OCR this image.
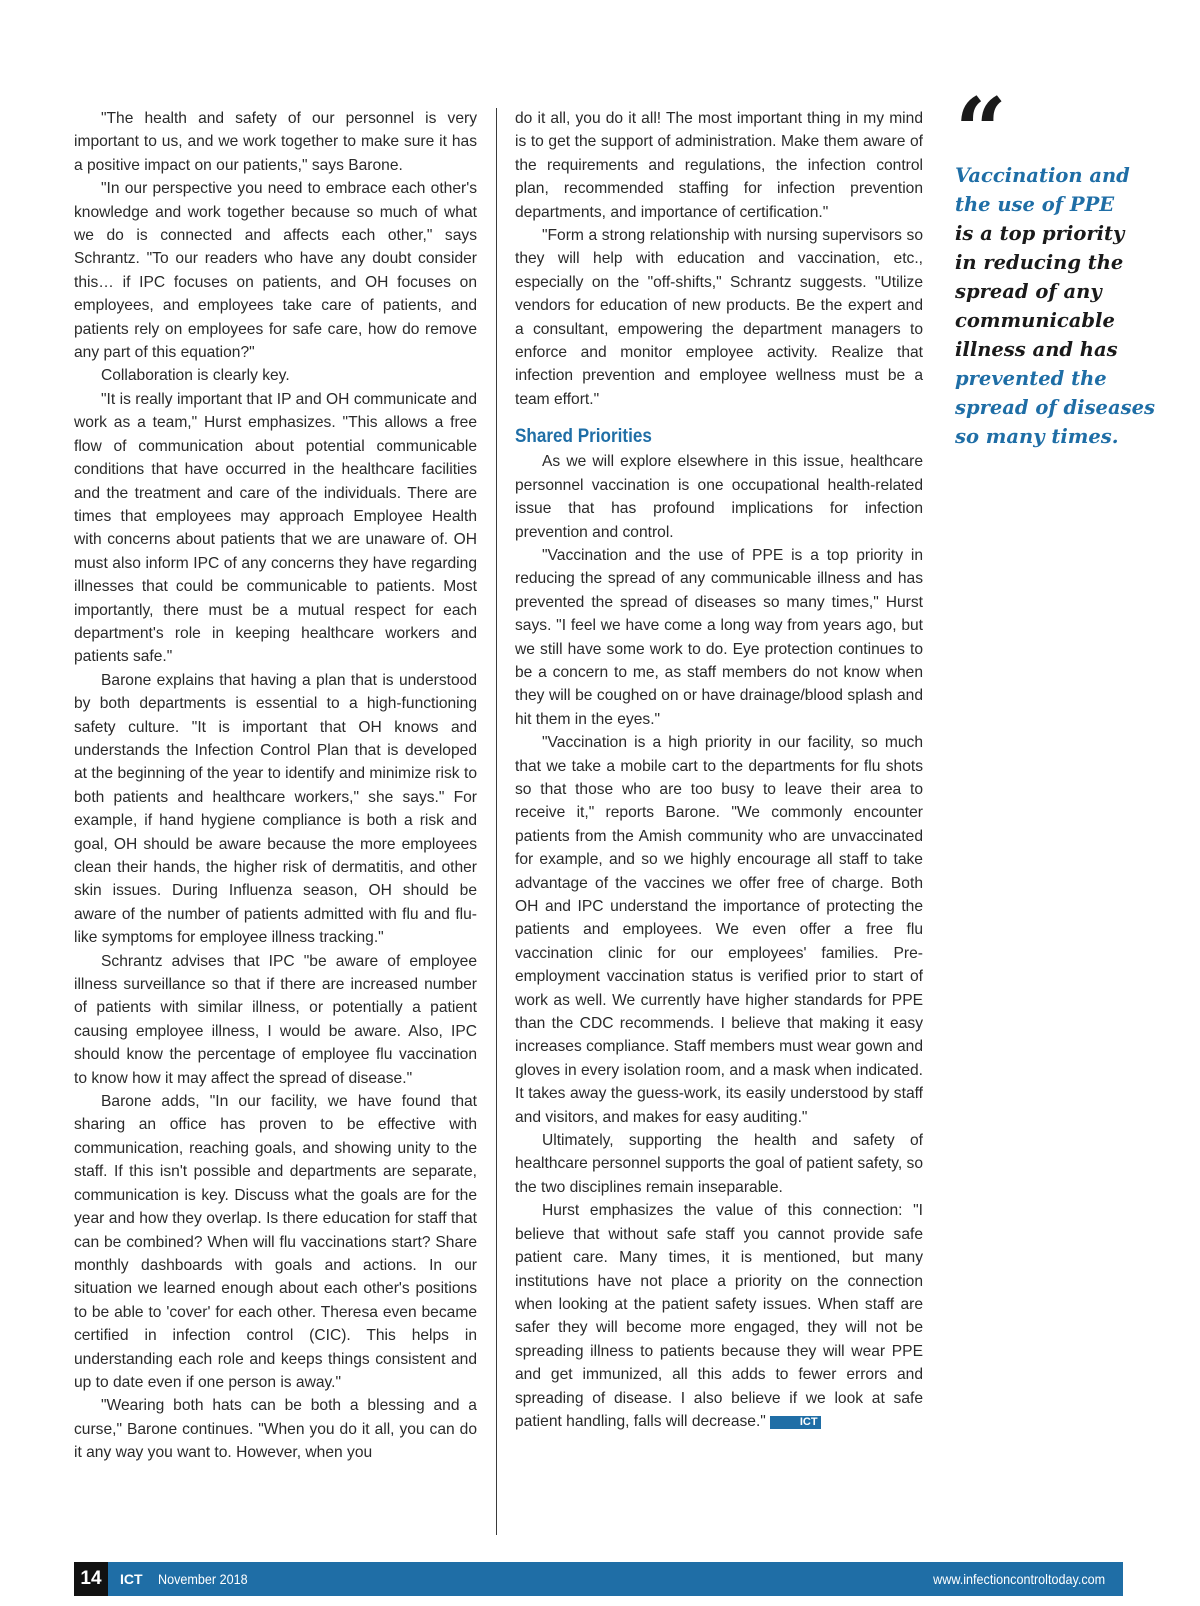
"The health and safety of our personnel is very important to us, and we work together to make sure it has a positive impact on our patients," says Barone.

"In our perspective you need to embrace each other's knowledge and work together because so much of what we do is connected and affects each other," says Schrantz. "To our readers who have any doubt consider this… if IPC focuses on patients, and OH focuses on employees, and employees take care of patients, and patients rely on employees for safe care, how do remove any part of this equation?"

Collaboration is clearly key.

"It is really important that IP and OH communicate and work as a team," Hurst emphasizes. "This allows a free flow of communication about potential communicable conditions that have occurred in the healthcare facilities and the treatment and care of the individuals. There are times that employees may approach Employee Health with concerns about patients that we are unaware of. OH must also inform IPC of any concerns they have regarding illnesses that could be communicable to patients. Most importantly, there must be a mutual respect for each department's role in keeping healthcare workers and patients safe."

Barone explains that having a plan that is understood by both departments is essential to a high-functioning safety culture. "It is important that OH knows and understands the Infection Control Plan that is developed at the beginning of the year to identify and minimize risk to both patients and healthcare workers," she says." For example, if hand hygiene compliance is both a risk and goal, OH should be aware because the more employees clean their hands, the higher risk of dermatitis, and other skin issues. During Influenza season, OH should be aware of the number of patients admitted with flu and flu-like symptoms for employee illness tracking."

Schrantz advises that IPC "be aware of employee illness surveillance so that if there are increased number of patients with similar illness, or potentially a patient causing employee illness, I would be aware. Also, IPC should know the percentage of employee flu vaccination to know how it may affect the spread of disease."

Barone adds, "In our facility, we have found that sharing an office has proven to be effective with communication, reaching goals, and showing unity to the staff. If this isn't possible and departments are separate, communication is key. Discuss what the goals are for the year and how they overlap. Is there education for staff that can be combined? When will flu vaccinations start? Share monthly dashboards with goals and actions. In our situation we learned enough about each other's positions to be able to 'cover' for each other. Theresa even became certified in infection control (CIC). This helps in understanding each role and keeps things consistent and up to date even if one person is away."

"Wearing both hats can be both a blessing and a curse," Barone continues. "When you do it all, you can do it any way you want to. However, when you

do it all, you do it all! The most important thing in my mind is to get the support of administration. Make them aware of the requirements and regulations, the infection control plan, recommended staffing for infection prevention departments, and importance of certification."

"Form a strong relationship with nursing supervisors so they will help with education and vaccination, etc., especially on the "off-shifts," Schrantz suggests. "Utilize vendors for education of new products. Be the expert and a consultant, empowering the department managers to enforce and monitor employee activity. Realize that infection prevention and employee wellness must be a team effort."

Shared Priorities

As we will explore elsewhere in this issue, healthcare personnel vaccination is one occupational health-related issue that has profound implications for infection prevention and control.

"Vaccination and the use of PPE is a top priority in reducing the spread of any communicable illness and has prevented the spread of diseases so many times," Hurst says. "I feel we have come a long way from years ago, but we still have some work to do. Eye protection continues to be a concern to me, as staff members do not know when they will be coughed on or have drainage/blood splash and hit them in the eyes."

"Vaccination is a high priority in our facility, so much that we take a mobile cart to the departments for flu shots so that those who are too busy to leave their area to receive it," reports Barone. "We commonly encounter patients from the Amish community who are unvaccinated for example, and so we highly encourage all staff to take advantage of the vaccines we offer free of charge. Both OH and IPC understand the importance of protecting the patients and employees. We even offer a free flu vaccination clinic for our employees' families. Pre-employment vaccination status is verified prior to start of work as well. We currently have higher standards for PPE than the CDC recommends. I believe that making it easy increases compliance. Staff members must wear gown and gloves in every isolation room, and a mask when indicated. It takes away the guess-work, its easily understood by staff and visitors, and makes for easy auditing."

Ultimately, supporting the health and safety of healthcare personnel supports the goal of patient safety, so the two disciplines remain inseparable.

Hurst emphasizes the value of this connection: "I believe that without safe staff you cannot provide safe patient care. Many times, it is mentioned, but many institutions have not place a priority on the connection when looking at the patient safety issues. When staff are safer they will become more engaged, they will not be spreading illness to patients because they will wear PPE and get immunized, all this adds to fewer errors and spreading of disease. I also believe if we look at safe patient handling, falls will decrease."	ICT

“
Vaccination and
the use of PPE
is a top priority
in reducing the
spread of any
communicable
illness and has
prevented the
spread of diseases
so many times.
14	ICT November 2018	www.infectioncontroltoday.com
